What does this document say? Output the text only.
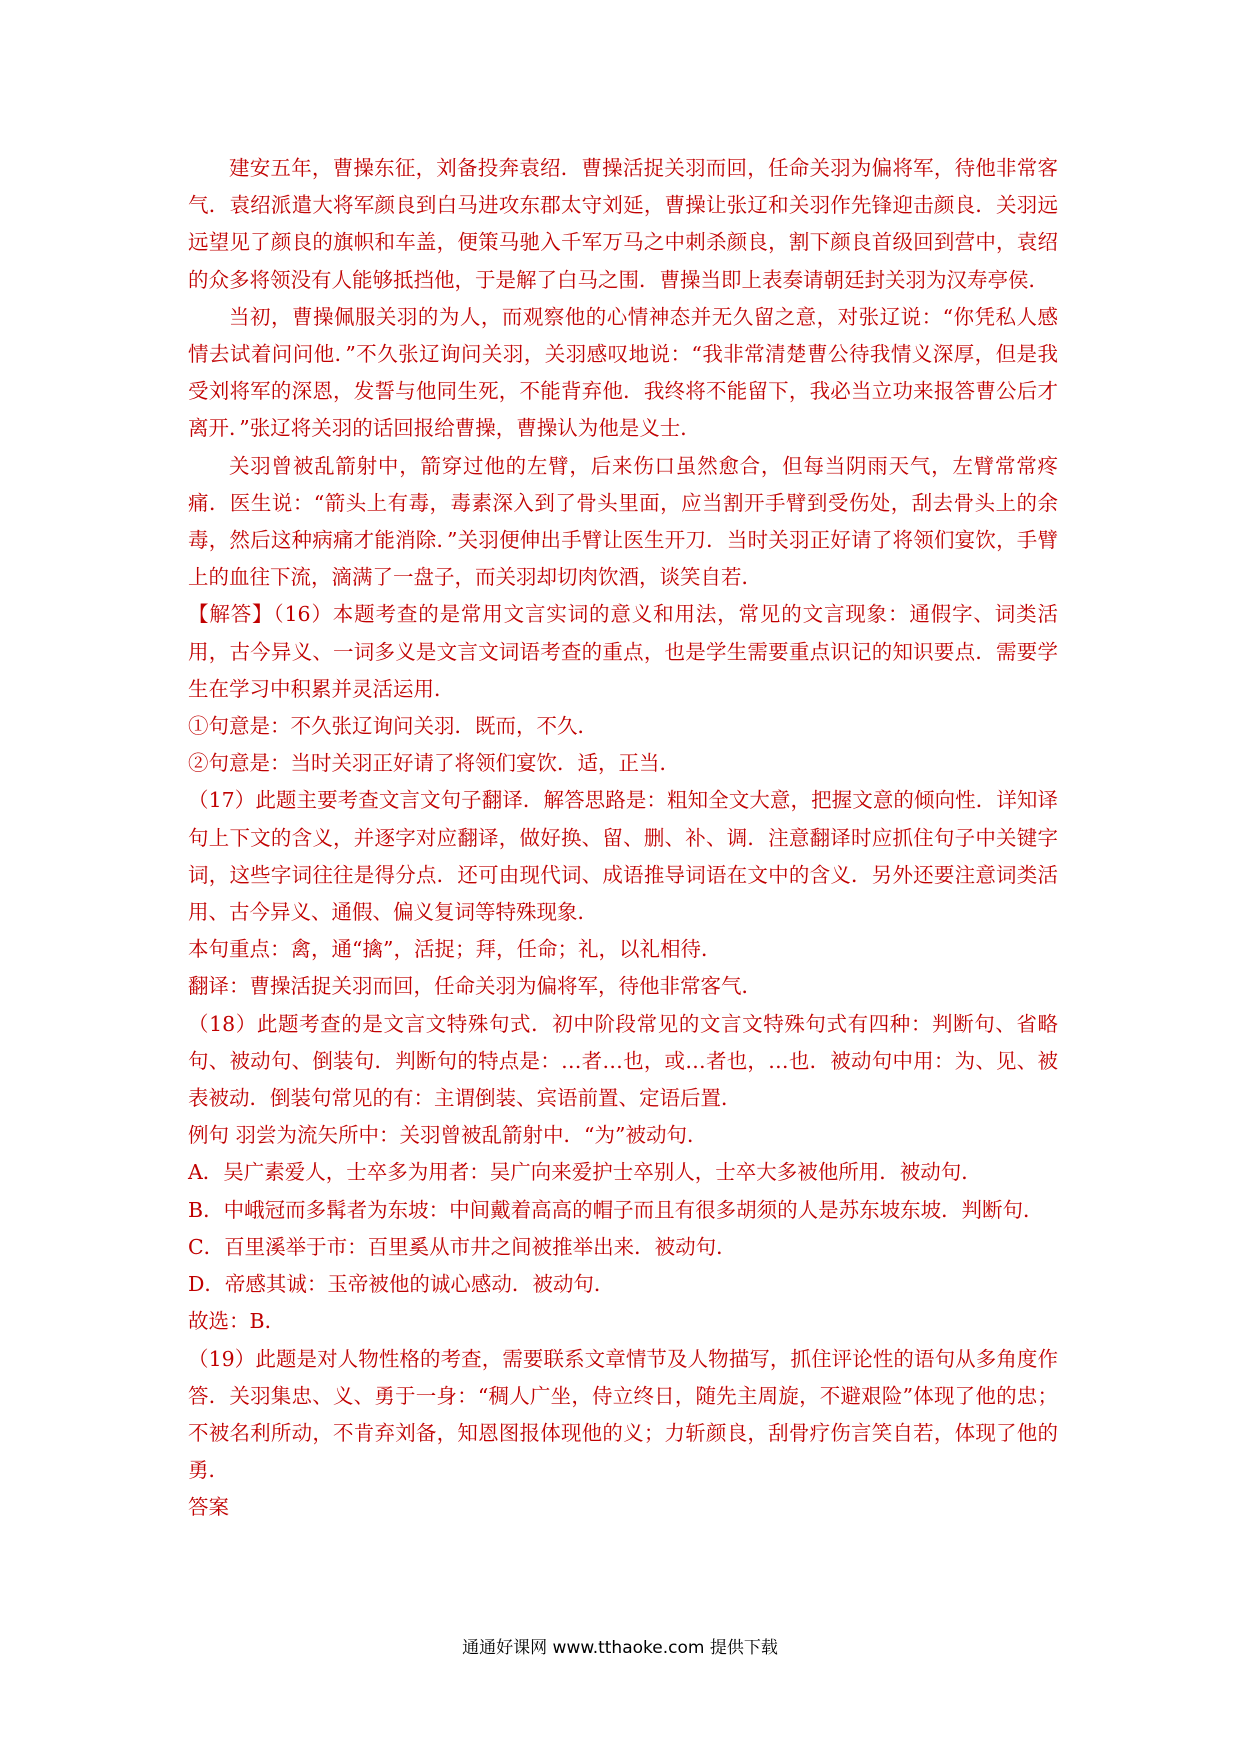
建安五年，曹操东征，刘备投奔袁绍．曹操活捉关羽而回，任命关羽为偏将军，待他非常客气．袁绍派遣大将军颜良到白马进攻东郡太守刘延，曹操让张辽和关羽作先锋迎击颜良．关羽远远望见了颜良的旗帜和车盖，便策马驰入千军万马之中刺杀颜良，割下颜良首级回到营中，袁绍的众多将领没有人能够抵挡他，于是解了白马之围．曹操当即上表奏请朝廷封关羽为汉寿亭侯．

当初，曹操佩服关羽的为人，而观察他的心情神态并无久留之意，对张辽说：“你凭私人感情去试着问问他．”不久张辽询问关羽，关羽感叹地说：“我非常清楚曹公待我情义深厚，但是我受刘将军的深恩，发誓与他同生死，不能背弃他．我终将不能留下，我必当立功来报答曹公后才离开．”张辽将关羽的话回报给曹操，曹操认为他是义士．

关羽曾被乱箭射中，箭穿过他的左臂，后来伤口虽然愈合，但每当阴雨天气，左臂常常疼痛．医生说：“箭头上有毒，毒素深入到了骨头里面，应当割开手臂到受伤处，刮去骨头上的余毒，然后这种病痛才能消除．”关羽便伸出手臂让医生开刀．当时关羽正好请了将领们宴饮，手臂上的血往下流，滴满了一盘子，而关羽却切肉饮酒，谈笑自若．

【解答】（16）本题考查的是常用文言实词的意义和用法，常见的文言现象：通假字、词类活用，古今异义、一词多义是文言文词语考查的重点，也是学生需要重点识记的知识要点．需要学生在学习中积累并灵活运用．

①句意是：不久张辽询问关羽．既而，不久．

②句意是：当时关羽正好请了将领们宴饮．适，正当．

（17）此题主要考查文言文句子翻译．解答思路是：粗知全文大意，把握文意的倾向性．详知译句上下文的含义，并逐字对应翻译，做好换、留、删、补、调．注意翻译时应抓住句子中关键字词，这些字词往往是得分点．还可由现代词、成语推导词语在文中的含义．另外还要注意词类活用、古今异义、通假、偏义复词等特殊现象．

本句重点：禽，通“擒”，活捉；拜，任命；礼，以礼相待．

翻译：曹操活捉关羽而回，任命关羽为偏将军，待他非常客气．

（18）此题考查的是文言文特殊句式．初中阶段常见的文言文特殊句式有四种：判断句、省略句、被动句、倒装句．判断句的特点是：…者…也，或…者也，…也．被动句中用：为、见、被表被动．倒装句常见的有：主谓倒装、宾语前置、定语后置．

例句 羽尝为流矢所中：关羽曾被乱箭射中．“为”被动句．

A．吴广素爱人，士卒多为用者：吴广向来爱护士卒别人，士卒大多被他所用．被动句．

B．中峨冠而多髯者为东坡：中间戴着高高的帽子而且有很多胡须的人是苏东坡东坡．判断句．

C．百里溪举于市：百里奚从市井之间被推举出来．被动句．

D．帝感其诚：玉帝被他的诚心感动．被动句．

故选：B．

（19）此题是对人物性格的考查，需要联系文章情节及人物描写，抓住评论性的语句从多角度作答．关羽集忠、义、勇于一身：“稠人广坐，侍立终日，随先主周旋，不避艰险”体现了他的忠；不被名利所动，不肯弃刘备，知恩图报体现他的义；力斩颜良，刮骨疗伤言笑自若，体现了他的勇．

答案

通通好课网 www.tthaoke.com 提供下载
